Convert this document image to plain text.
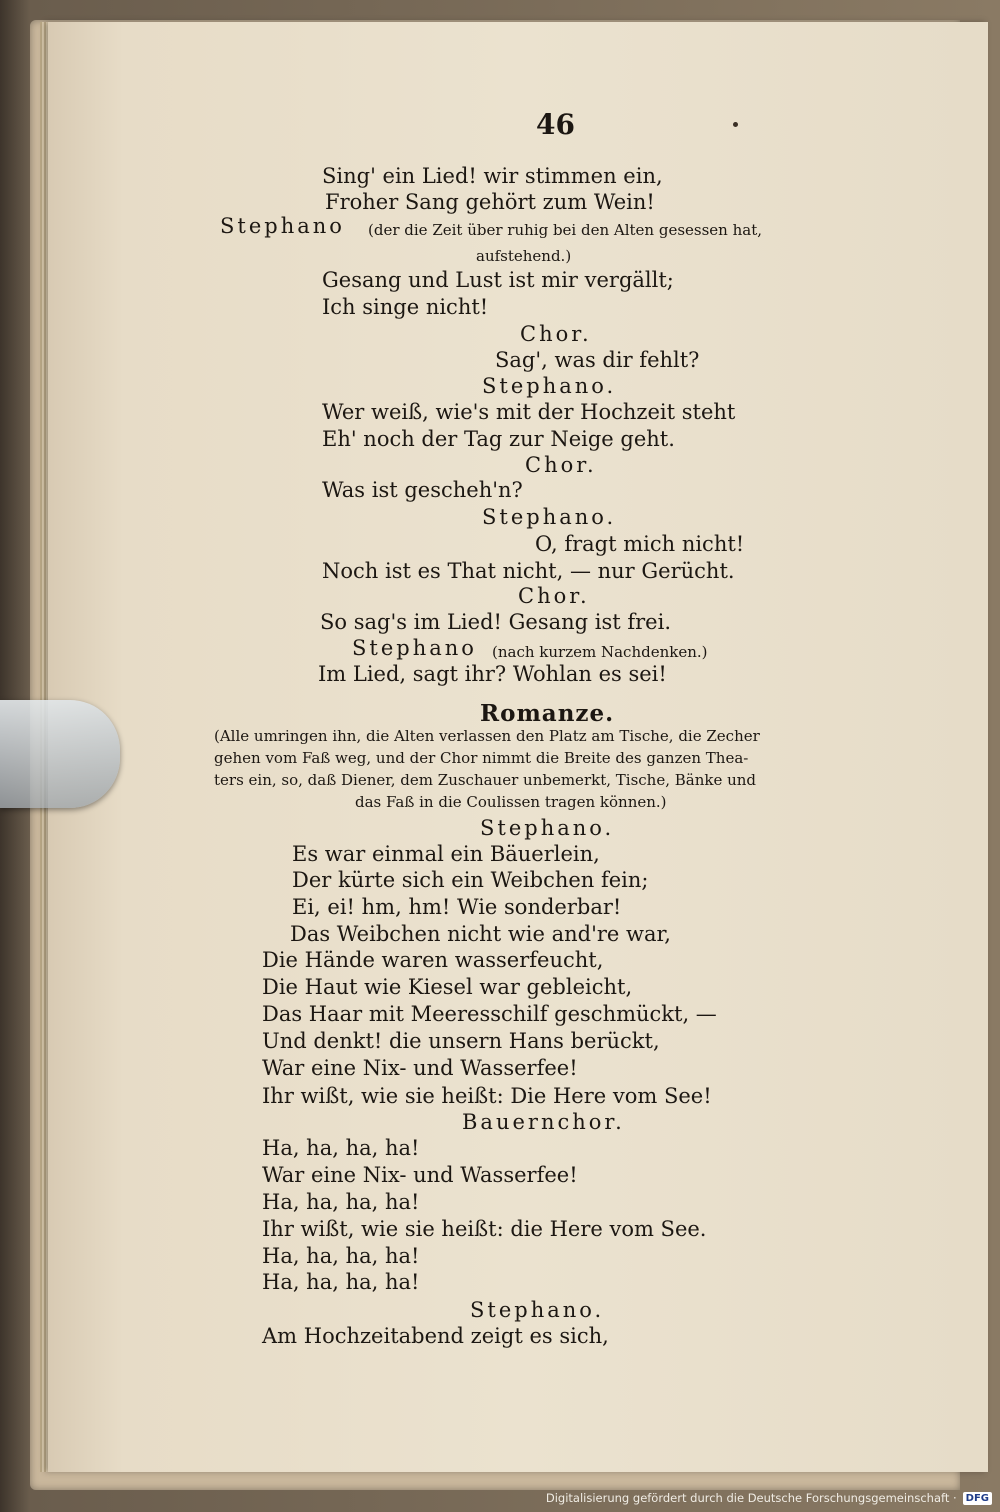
46
Sing' ein Lied! wir stimmen ein,
Froher Sang gehört zum Wein!
Stephano (der die Zeit über ruhig bei den Alten gesessen hat,
aufstehend.)
Gesang und Lust ist mir vergällt;
Ich singe nicht!
Chor.
Sag', was dir fehlt?
Stephano.
Wer weiß, wie's mit der Hochzeit steht
Eh' noch der Tag zur Neige geht.
Chor.
Was ist gescheh'n?
Stephano.
O, fragt mich nicht!
Noch ist es That nicht, — nur Gerücht.
Chor.
So sag's im Lied! Gesang ist frei.
Stephano (nach kurzem Nachdenken.)
Im Lied, sagt ihr? Wohlan es sei!
Romanze.
(Alle umringen ihn, die Alten verlassen den Platz am Tische, die Zecher
gehen vom Faß weg, und der Chor nimmt die Breite des ganzen Thea-
ters ein, so, daß Diener, dem Zuschauer unbemerkt, Tische, Bänke und
das Faß in die Coulissen tragen können.)
Stephano.
Es war einmal ein Bäuerlein,
Der kürte sich ein Weibchen fein;
Ei, ei! hm, hm! Wie sonderbar!
Das Weibchen nicht wie and're war,
Die Hände waren wasserfeucht,
Die Haut wie Kiesel war gebleicht,
Das Haar mit Meeresschilf geschmückt, —
Und denkt! die unsern Hans berückt,
War eine Nix- und Wasserfee!
Ihr wißt, wie sie heißt: Die Here vom See!
Bauernchor.
Ha, ha, ha, ha!
War eine Nix- und Wasserfee!
Ha, ha, ha, ha!
Ihr wißt, wie sie heißt: die Here vom See.
Ha, ha, ha, ha!
Ha, ha, ha, ha!
Stephano.
Am Hochzeitabend zeigt es sich,
Digitalisierung gefördert durch die Deutsche Forschungsgemeinschaft · DFG
